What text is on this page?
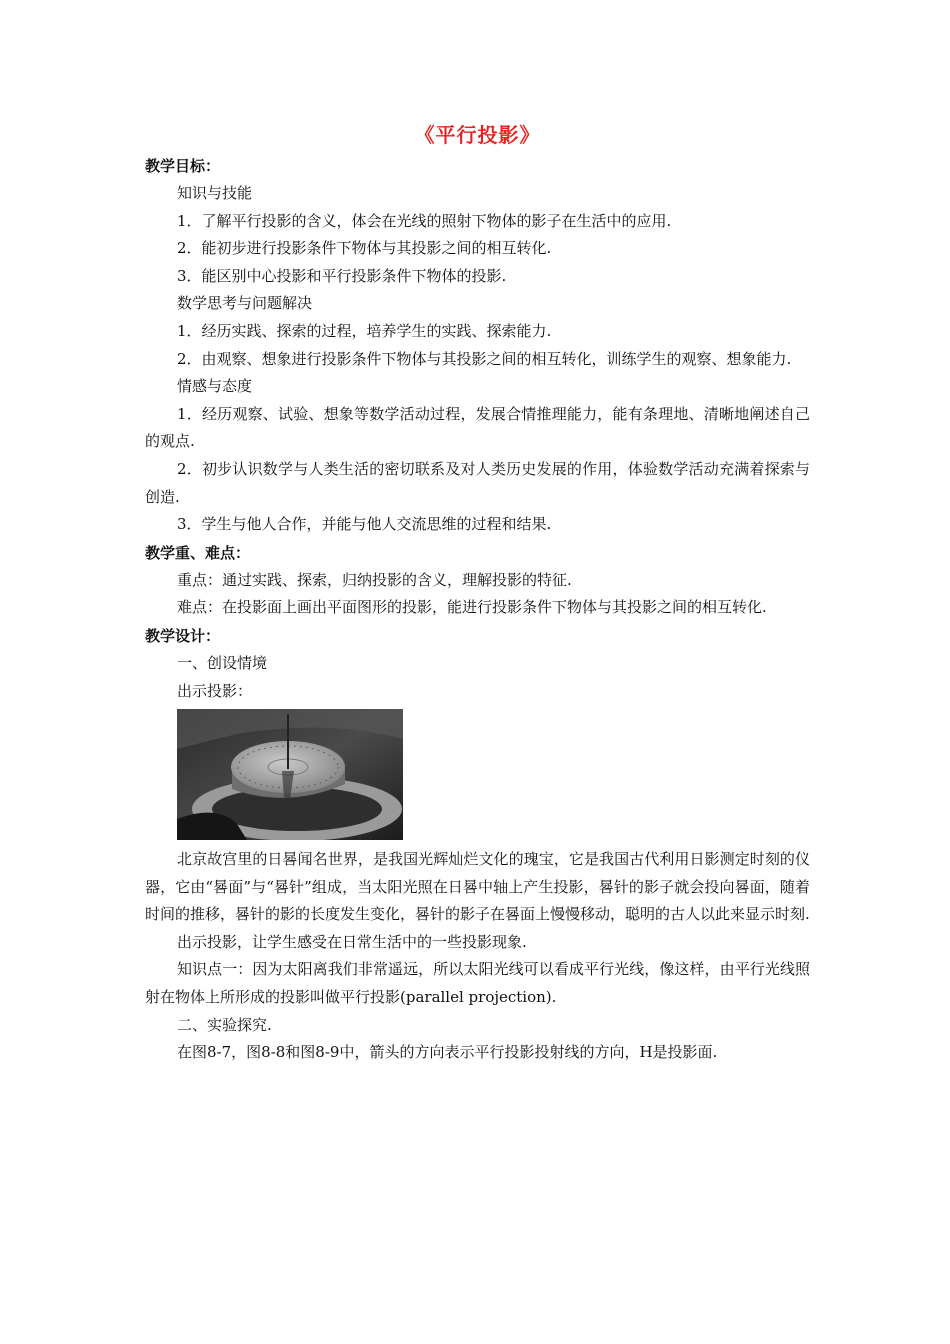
《平行投影》
教学目标：
知识与技能
1．了解平行投影的含义，体会在光线的照射下物体的影子在生活中的应用.
2．能初步进行投影条件下物体与其投影之间的相互转化.
3．能区别中心投影和平行投影条件下物体的投影.
数学思考与问题解决
1．经历实践、探索的过程，培养学生的实践、探索能力.
2．由观察、想象进行投影条件下物体与其投影之间的相互转化，训练学生的观察、想象能力.
情感与态度
1．经历观察、试验、想象等数学活动过程，发展合情推理能力，能有条理地、清晰地阐述自己的观点.
2．初步认识数学与人类生活的密切联系及对人类历史发展的作用，体验数学活动充满着探索与创造.
3．学生与他人合作，并能与他人交流思维的过程和结果.
教学重、难点：
重点：通过实践、探索，归纳投影的含义，理解投影的特征.
难点：在投影面上画出平面图形的投影，能进行投影条件下物体与其投影之间的相互转化.
教学设计：
一、创设情境
出示投影：
北京故宫里的日晷闻名世界，是我国光辉灿烂文化的瑰宝，它是我国古代利用日影测定时刻的仪器，它由“晷面”与“晷针”组成，当太阳光照在日晷中轴上产生投影，晷针的影子就会投向晷面，随着时间的推移，晷针的影的长度发生变化，晷针的影子在晷面上慢慢移动，聪明的古人以此来显示时刻.
出示投影，让学生感受在日常生活中的一些投影现象.
知识点一：因为太阳离我们非常遥远，所以太阳光线可以看成平行光线，像这样，由平行光线照射在物体上所形成的投影叫做平行投影(parallel projection).
二、实验探究.
在图8-7，图8-8和图8-9中，箭头的方向表示平行投影投射线的方向，H是投影面.
